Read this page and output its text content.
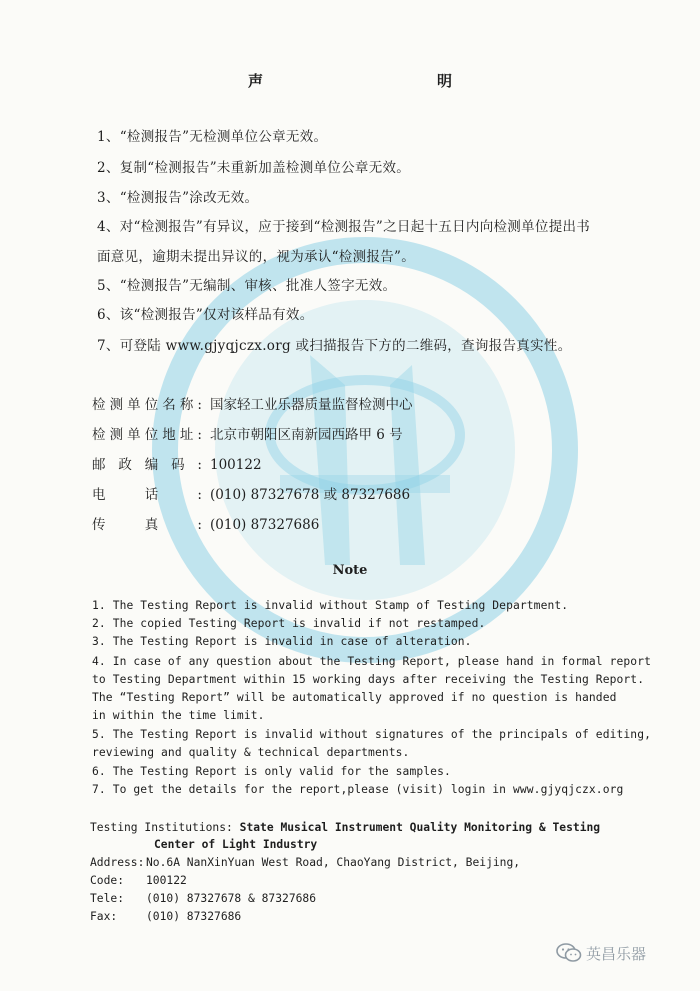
声　　明
1、“检测报告”无检测单位公章无效。
2、复制“检测报告”未重新加盖检测单位公章无效。
3、“检测报告”涂改无效。
4、对“检测报告”有异议，应于接到“检测报告”之日起十五日内向检测单位提出书
面意见，逾期未提出异议的，视为承认“检测报告”。
5、“检测报告”无编制、审核、批准人签字无效。
6、该“检测报告”仅对该样品有效。
7、可登陆 www.gjyqjczx.org 或扫描报告下方的二维码，查询报告真实性。
检测单位名称: 国家轻工业乐器质量监督检测中心
检测单位地址: 北京市朝阳区南新园西路甲 6 号
邮政编码: 100122
电话: (010) 87327678 或 87327686
传真: (010) 87327686
Note
1. The Testing Report is invalid without Stamp of Testing Department.
2. The copied Testing Report is invalid if not restamped.
3. The Testing Report is invalid in case of alteration.
4. In case of any question about the Testing Report, please hand in formal report
to Testing Department within 15 working days after receiving the Testing Report.
The “Testing Report” will be automatically approved if no question is handed
in within the time limit.
5. The Testing Report is invalid without signatures of the principals of editing,
reviewing and quality & technical departments.
6. The Testing Report is only valid for the samples.
7. To get the details for the report,please (visit) login in www.gjyqjczx.org
Testing Institutions: State Musical Instrument Quality Monitoring & Testing
Center of Light Industry
Address: No.6A NanXinYuan West Road, ChaoYang District, Beijing,
Code: 100122
Tele: (010) 87327678 & 87327686
Fax:	(010) 87327686
英昌乐器
